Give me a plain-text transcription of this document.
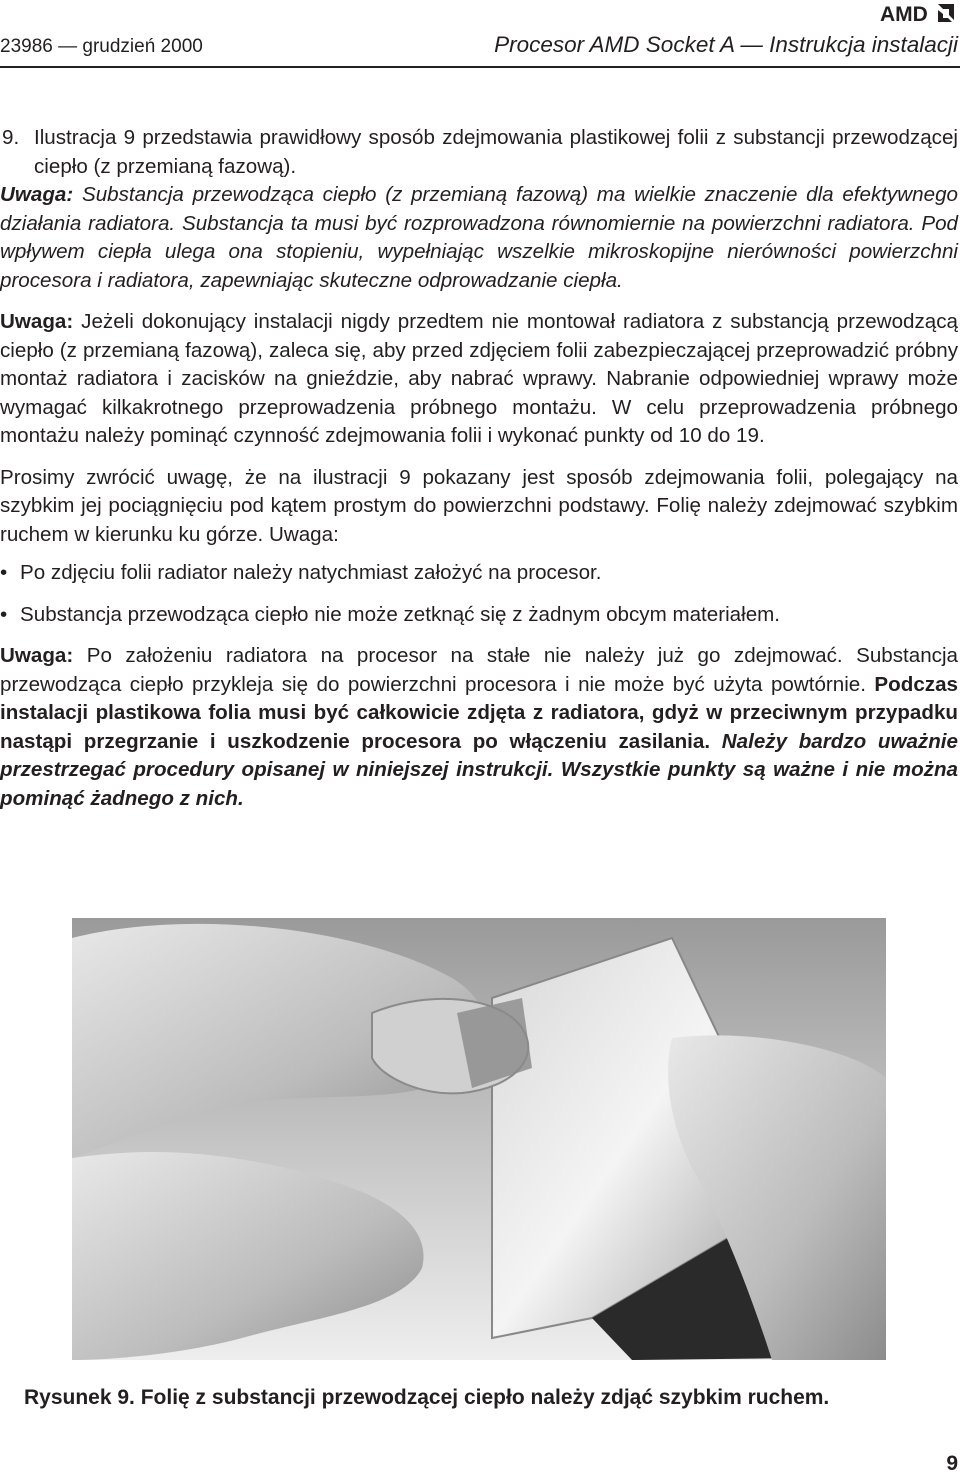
AMD
23986 — grudzień 2000	Procesor AMD Socket A — Instrukcja instalacji

9. Ilustracja 9 przedstawia prawidłowy sposób zdejmowania plastikowej folii z substancji przewodzącej ciepło (z przemianą fazową).

Uwaga: Substancja przewodząca ciepło (z przemianą fazową) ma wielkie znaczenie dla efektywnego działania radiatora. Substancja ta musi być rozprowadzona równomiernie na powierzchni radiatora. Pod wpływem ciepła ulega ona stopieniu, wypełniając wszelkie mikroskopijne nierówności powierzchni procesora i radiatora, zapewniając skuteczne odprowadzanie ciepła.

Uwaga: Jeżeli dokonujący instalacji nigdy przedtem nie montował radiatora z substancją przewodzącą ciepło (z przemianą fazową), zaleca się, aby przed zdjęciem folii zabezpieczającej przeprowadzić próbny montaż radiatora i zacisków na gnieździe, aby nabrać wprawy. Nabranie odpowiedniej wprawy może wymagać kilkakrotnego przeprowadzenia próbnego montażu. W celu przeprowadzenia próbnego montażu należy pominąć czynność zdejmowania folii i wykonać punkty od 10 do 19.

Prosimy zwrócić uwagę, że na ilustracji 9 pokazany jest sposób zdejmowania folii, polegający na szybkim jej pociągnięciu pod kątem prostym do powierzchni podstawy. Folię należy zdejmować szybkim ruchem w kierunku ku górze. Uwaga:

• Po zdjęciu folii radiator należy natychmiast założyć na procesor.

• Substancja przewodząca ciepło nie może zetknąć się z żadnym obcym materiałem.

Uwaga: Po założeniu radiatora na procesor na stałe nie należy już go zdejmować. Substancja przewodząca ciepło przykleja się do powierzchni procesora i nie może być użyta powtórnie. Podczas instalacji plastikowa folia musi być całkowicie zdjęta z radiatora, gdyż w przeciwnym przypadku nastąpi przegrzanie i uszkodzenie procesora po włączeniu zasilania. Należy bardzo uważnie przestrzegać procedury opisanej w niniejszej instrukcji. Wszystkie punkty są ważne i nie można pominąć żadnego z nich.

Rysunek 9. Folię z substancji przewodzącej ciepło należy zdjąć szybkim ruchem.
9
